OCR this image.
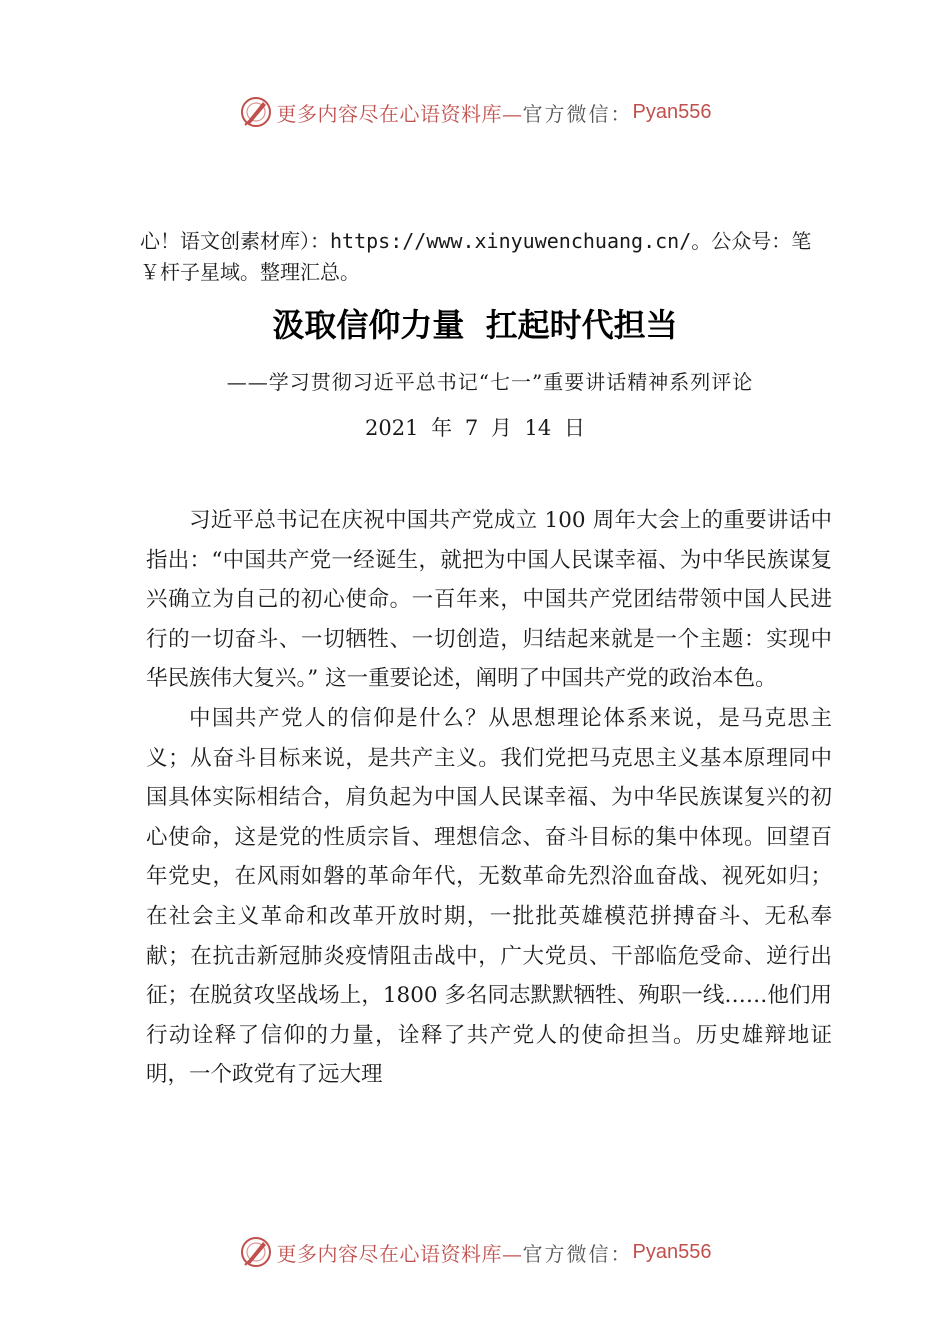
更多内容尽在心语资料库— 官方微信： Pyan556
心！语文创素材库）：https://www.xinyuwenchuang.cn/。公众号：笔￥杆子星域。整理汇总。
汲取信仰力量 扛起时代担当
——学习贯彻习近平总书记“七一”重要讲话精神系列评论
2021 年 7 月 14 日

习近平总书记在庆祝中国共产党成立 100 周年大会上的重要讲话中指出：“中国共产党一经诞生，就把为中国人民谋幸福、为中华民族谋复兴确立为自己的初心使命。一百年来，中国共产党团结带领中国人民进行的一切奋斗、一切牺牲、一切创造，归结起来就是一个主题：实现中华民族伟大复兴。” 这一重要论述，阐明了中国共产党的政治本色。

中国共产党人的信仰是什么？从思想理论体系来说，是马克思主义；从奋斗目标来说，是共产主义。我们党把马克思主义基本原理同中国具体实际相结合，肩负起为中国人民谋幸福、为中华民族谋复兴的初心使命，这是党的性质宗旨、理想信念、奋斗目标的集中体现。回望百年党史，在风雨如磐的革命年代，无数革命先烈浴血奋战、视死如归；在社会主义革命和改革开放时期，一批批英雄模范拼搏奋斗、无私奉献；在抗击新冠肺炎疫情阻击战中，广大党员、干部临危受命、逆行出征；在脱贫攻坚战场上，1800 多名同志默默牺牲、殉职一线……他们用行动诠释了信仰的力量，诠释了共产党人的使命担当。历史雄辩地证明，一个政党有了远大理

更多内容尽在心语资料库— 官方微信： Pyan556
